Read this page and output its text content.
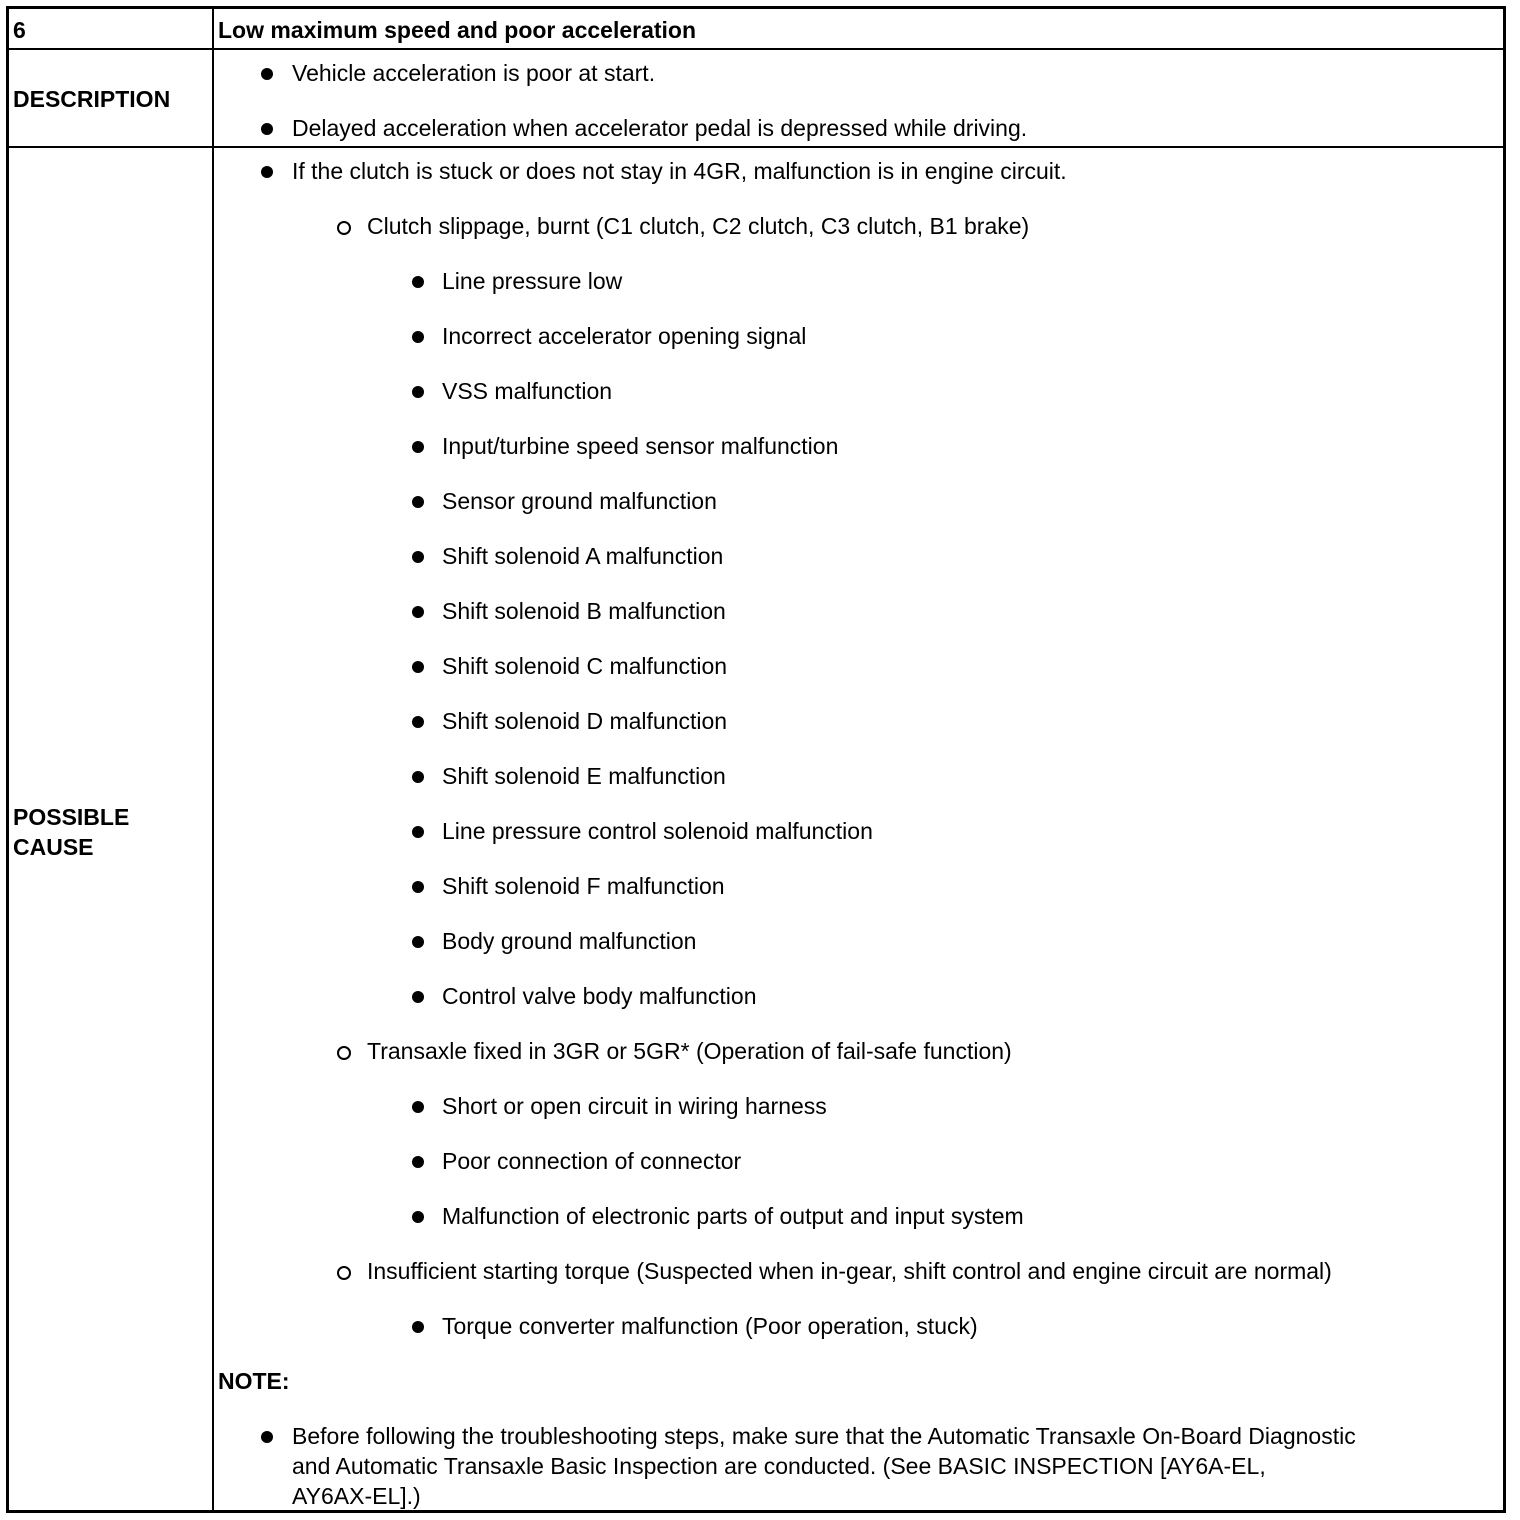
6	Low maximum speed and poor acceleration
DESCRIPTION
Vehicle acceleration is poor at start.
Delayed acceleration when accelerator pedal is depressed while driving.
POSSIBLE
CAUSE
If the clutch is stuck or does not stay in 4GR, malfunction is in engine circuit.
Clutch slippage, burnt (C1 clutch, C2 clutch, C3 clutch, B1 brake)
Line pressure low
Incorrect accelerator opening signal
VSS malfunction
Input/turbine speed sensor malfunction
Sensor ground malfunction
Shift solenoid A malfunction
Shift solenoid B malfunction
Shift solenoid C malfunction
Shift solenoid D malfunction
Shift solenoid E malfunction
Line pressure control solenoid malfunction
Shift solenoid F malfunction
Body ground malfunction
Control valve body malfunction
Transaxle fixed in 3GR or 5GR* (Operation of fail-safe function)
Short or open circuit in wiring harness
Poor connection of connector
Malfunction of electronic parts of output and input system
Insufficient starting torque (Suspected when in-gear, shift control and engine circuit are normal)
Torque converter malfunction (Poor operation, stuck)
NOTE:
Before following the troubleshooting steps, make sure that the Automatic Transaxle On-Board Diagnostic
and Automatic Transaxle Basic Inspection are conducted. (See BASIC INSPECTION [AY6A-EL,
AY6AX-EL].)
